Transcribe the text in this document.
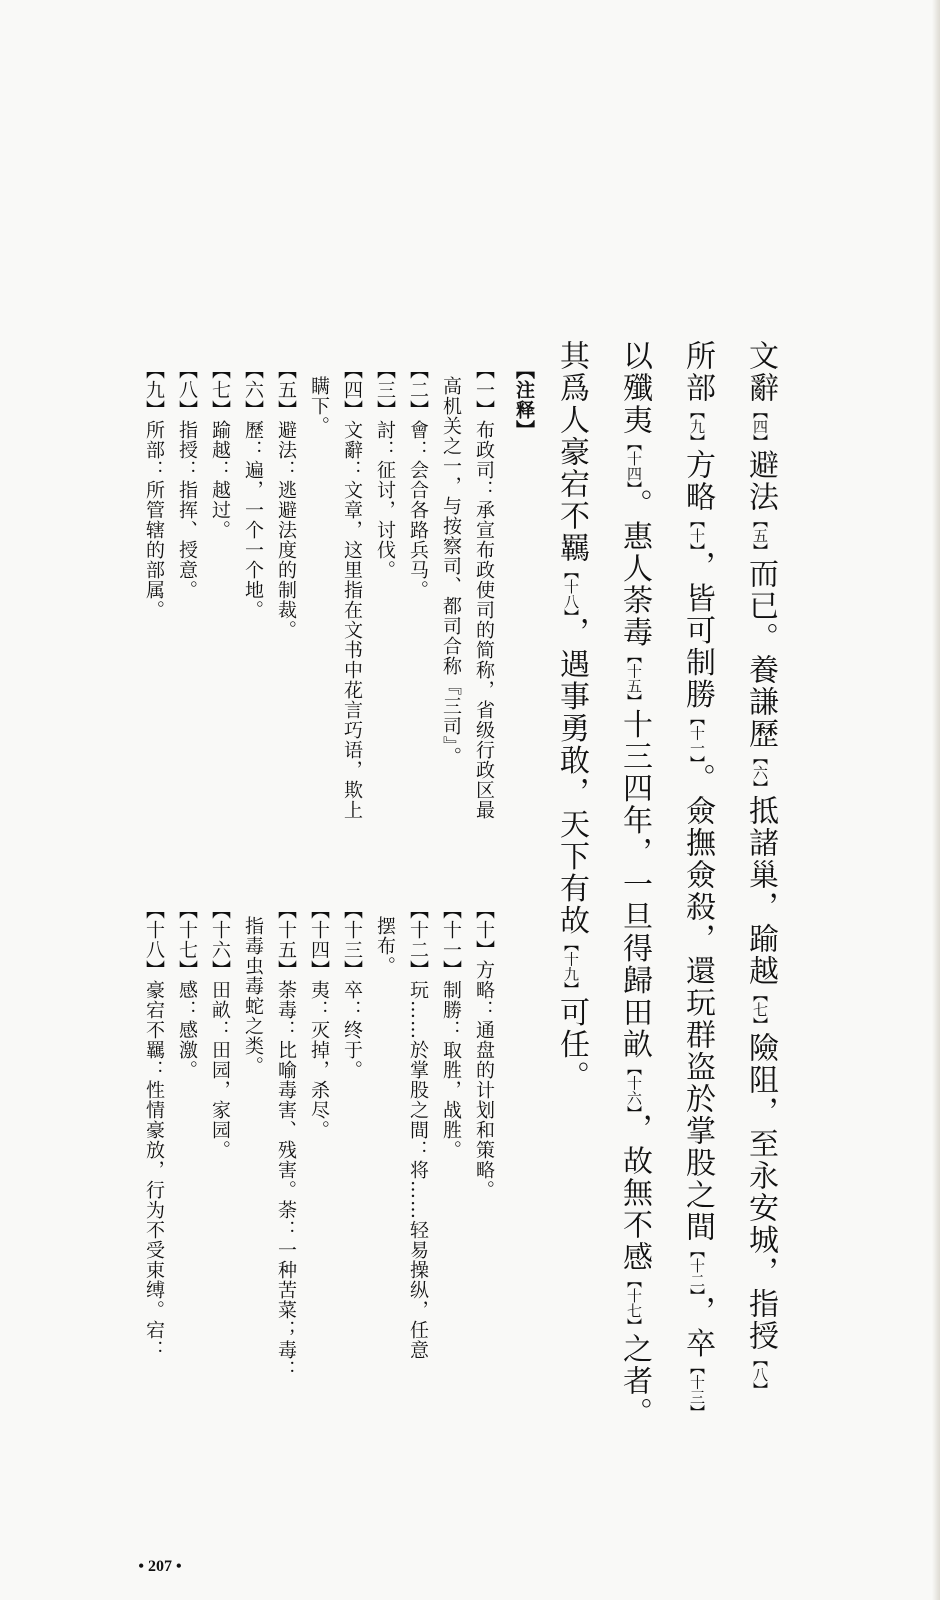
文辭【四】避法【五】而已。養謙歷【六】抵諸巢，踰越【七】險阻，至永安城，指授【八】
所部【九】方略【十】，皆可制勝【十一】。僉撫僉殺，還玩群盗於掌股之間【十二】，卒【十三】
以殲夷【十四】。惠人荼毒【十五】十三四年，一旦得歸田畝【十六】，故無不感【十七】之者。
其爲人豪宕不羈【十八】，遇事勇敢，天下有故【十九】可任。
【注释】
【一】布政司：承宣布政使司的简称，省级行政区最
高机关之一，与按察司、都司合称『三司』。
【二】會：会合各路兵马。
【三】討：征讨，讨伐。
【四】文辭：文章，这里指在文书中花言巧语，欺上
瞒下。
【五】避法：逃避法度的制裁。
【六】歷：遍，一个一个地。
【七】踰越：越过。
【八】指授：指挥、授意。
【九】所部：所管辖的部属。
【十】方略：通盘的计划和策略。
【十一】制勝：取胜，战胜。
【十二】玩……於掌股之間：将……轻易操纵，任意
摆布。
【十三】卒：终于。
【十四】夷：灭掉，杀尽。
【十五】荼毒：比喻毒害、残害。荼：一种苦菜；毒：
指毒虫毒蛇之类。
【十六】田畝：田园，家园。
【十七】感：感激。
【十八】豪宕不羈：性情豪放，行为不受束缚。宕：
• 207 •
